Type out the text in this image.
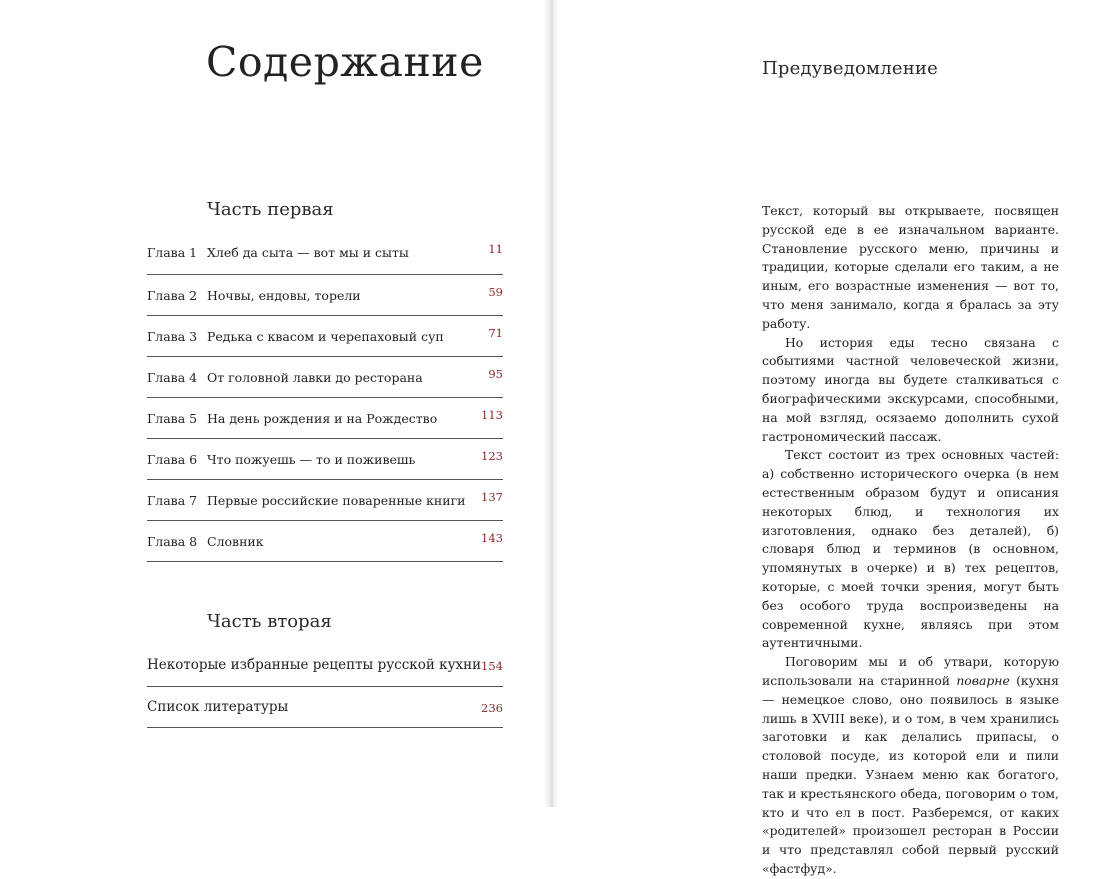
Содержание
Часть первая
Глава 1 Хлеб да сыта — вот мы и сыты	11
Глава 2 Ночвы, ендовы, торели	59
Глава 3 Редька с квасом и черепаховый суп	71
Глава 4 От головной лавки до ресторана	95
Глава 5 На день рождения и на Рождество	113
Глава 6 Что пожуешь — то и поживешь	123
Глава 7 Первые российские поваренные книги 137
Глава 8 Словник	143
Часть вторая
Некоторые избранные рецепты русской кухни 154
Список литературы	236
Предуведомление

Текст, который вы открываете, посвящен русской еде в ее изначальном варианте. Становление русского меню, причины и традиции, которые сделали его таким, а не иным, его возрастные изменения — вот то, что меня занимало, когда я бралась за эту работу.

Но история еды тесно связана с событиями частной человеческой жизни, поэтому иногда вы будете сталкиваться с биографическими экскурсами, способными, на мой взгляд, осязаемо дополнить сухой гастрономический пассаж.

Текст состоит из трех основных частей: а) собственно исторического очерка (в нем естественным образом будут и описания некоторых блюд, и технология их изготовления, однако без деталей), б) словаря блюд и терминов (в основном, упомянутых в очерке) и в) тех рецептов, которые, с моей точки зрения, могут быть без особого труда воспроизведены на современной кухне, являясь при этом аутентичными.

Поговорим мы и об утвари, которую использовали на старинной поварне (кухня — немецкое слово, оно появилось в языке лишь в XVIII веке), и о том, в чем хранились заготовки и как делались припасы, о столовой посуде, из которой ели и пили наши предки. Узнаем меню как богатого, так и крестьянского обеда, поговорим о том, кто и что ел в пост. Разберемся, от каких «родителей» произошел ресторан в России и что представлял собой первый русский «фастфуд».
